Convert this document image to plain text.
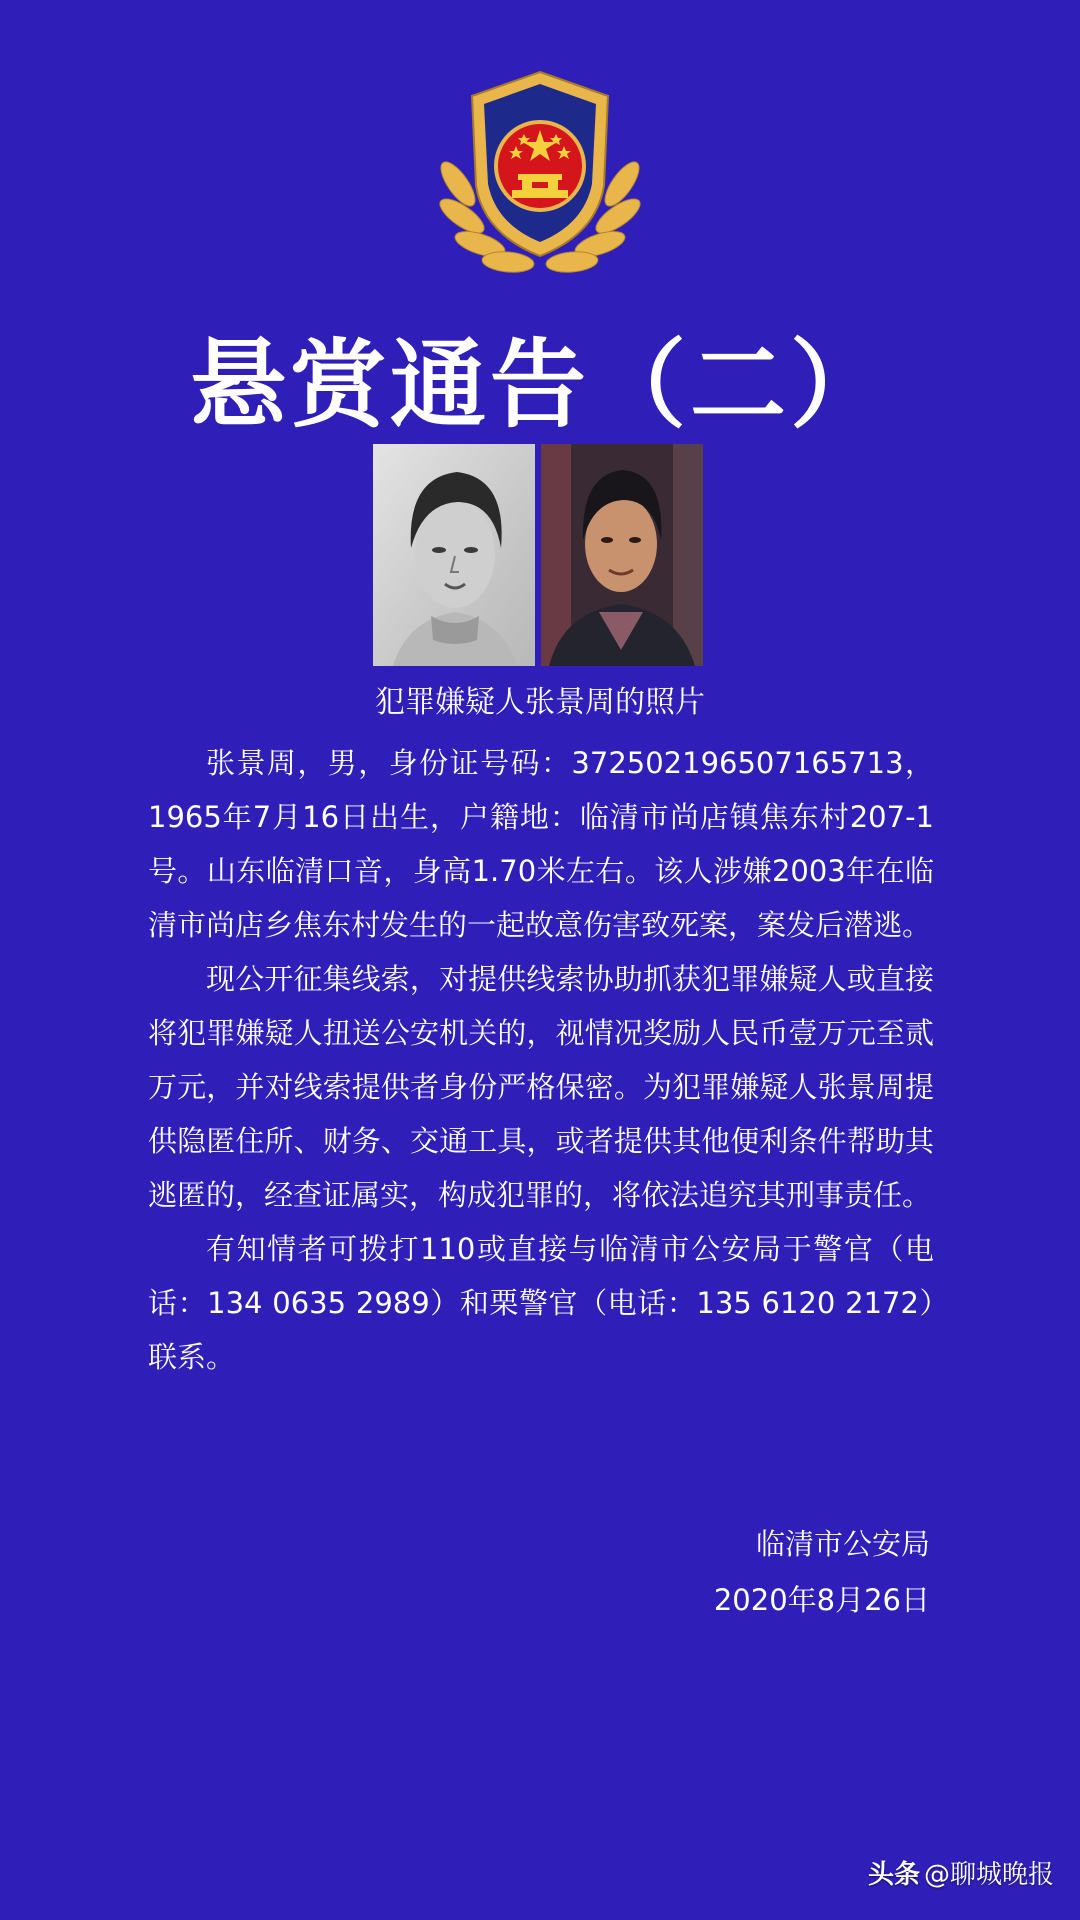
悬赏通告（二）
犯罪嫌疑人张景周的照片

张景周，男，身份证号码：372502196507165713，1965年7月16日出生，户籍地：临清市尚店镇焦东村207-1号。山东临清口音，身高1.70米左右。该人涉嫌2003年在临清市尚店乡焦东村发生的一起故意伤害致死案，案发后潜逃。

现公开征集线索，对提供线索协助抓获犯罪嫌疑人或直接将犯罪嫌疑人扭送公安机关的，视情况奖励人民币壹万元至贰万元，并对线索提供者身份严格保密。为犯罪嫌疑人张景周提供隐匿住所、财务、交通工具，或者提供其他便利条件帮助其逃匿的，经查证属实，构成犯罪的，将依法追究其刑事责任。

有知情者可拨打110或直接与临清市公安局于警官（电话：134 0635 2989）和栗警官（电话：135 6120 2172）联系。

临清市公安局
2020年8月26日
头条 @聊城晚报
